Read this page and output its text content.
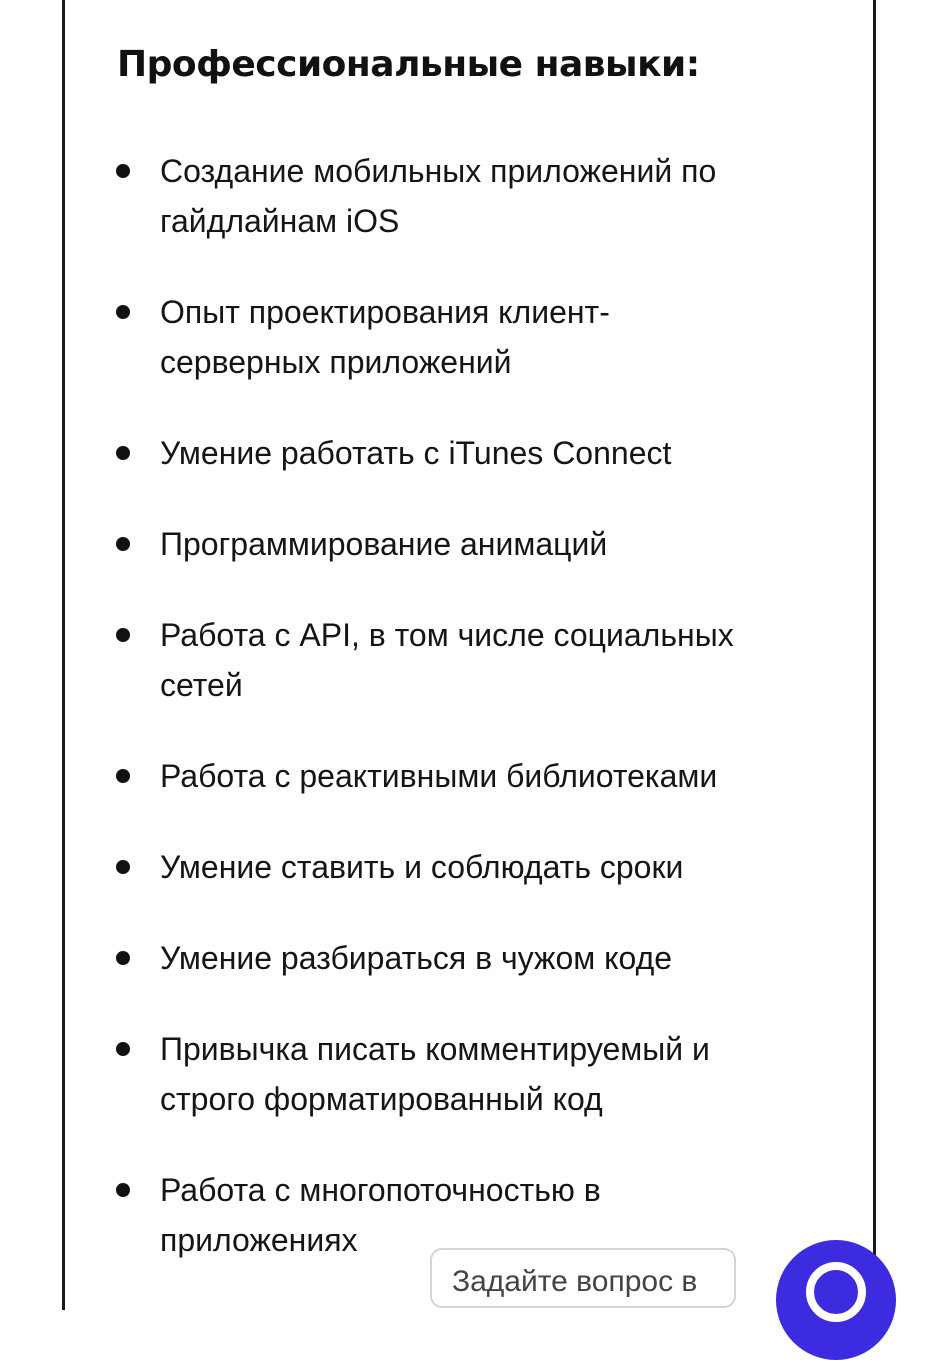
Профессиональные навыки:
Создание мобильных приложений по
гайдлайнам iOS
Опыт проектирования клиент-
серверных приложений
Умение работать с iTunes Connect
Программирование анимаций
Работа с API, в том числе социальных
сетей
Работа с реактивными библиотеками
Умение ставить и соблюдать сроки
Умение разбираться в чужом коде
Привычка писать комментируемый и
строго форматированный код
Работа с многопоточностью в
приложениях
Задайте вопрос в
